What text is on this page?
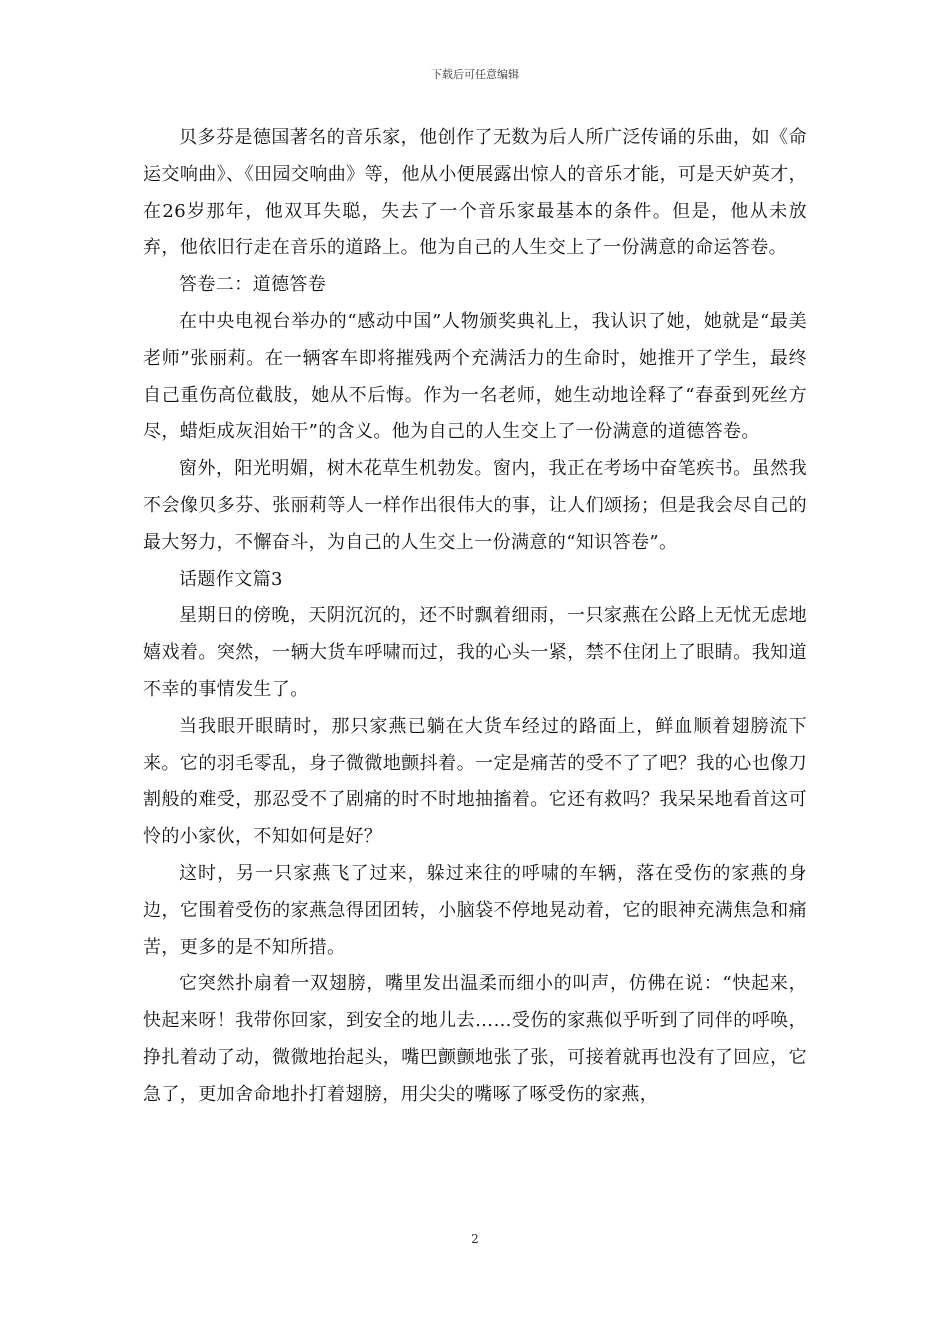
下载后可任意编辑

贝多芬是德国著名的音乐家，他创作了无数为后人所广泛传诵的乐曲，如《命运交响曲》、《田园交响曲》等，他从小便展露出惊人的音乐才能，可是天妒英才，在26岁那年，他双耳失聪，失去了一个音乐家最基本的条件。但是，他从未放弃，他依旧行走在音乐的道路上。他为自己的人生交上了一份满意的命运答卷。

答卷二：道德答卷

在中央电视台举办的“感动中国”人物颁奖典礼上，我认识了她，她就是“最美老师”张丽莉。在一辆客车即将摧残两个充满活力的生命时，她推开了学生，最终自己重伤高位截肢，她从不后悔。作为一名老师，她生动地诠释了“春蚕到死丝方尽，蜡炬成灰泪始干”的含义。他为自己的人生交上了一份满意的道德答卷。

窗外，阳光明媚，树木花草生机勃发。窗内，我正在考场中奋笔疾书。虽然我不会像贝多芬、张丽莉等人一样作出很伟大的事，让人们颂扬；但是我会尽自己的最大努力，不懈奋斗，为自己的人生交上一份满意的“知识答卷”。

话题作文篇3

星期日的傍晚，天阴沉沉的，还不时飘着细雨，一只家燕在公路上无忧无虑地嬉戏着。突然，一辆大货车呼啸而过，我的心头一紧，禁不住闭上了眼睛。我知道不幸的事情发生了。

当我眼开眼睛时，那只家燕已躺在大货车经过的路面上，鲜血顺着翅膀流下来。它的羽毛零乱，身子微微地颤抖着。一定是痛苦的受不了了吧？我的心也像刀割般的难受，那忍受不了剧痛的时不时地抽搐着。它还有救吗？我呆呆地看首这可怜的小家伙，不知如何是好？

这时，另一只家燕飞了过来，躲过来往的呼啸的车辆，落在受伤的家燕的身边，它围着受伤的家燕急得团团转，小脑袋不停地晃动着，它的眼神充满焦急和痛苦，更多的是不知所措。

它突然扑扇着一双翅膀，嘴里发出温柔而细小的叫声，仿佛在说：“快起来，快起来呀！我带你回家，到安全的地儿去……受伤的家燕似乎听到了同伴的呼唤，挣扎着动了动，微微地抬起头，嘴巴颤颤地张了张，可接着就再也没有了回应，它急了，更加舍命地扑打着翅膀，用尖尖的嘴啄了啄受伤的家燕，

2
